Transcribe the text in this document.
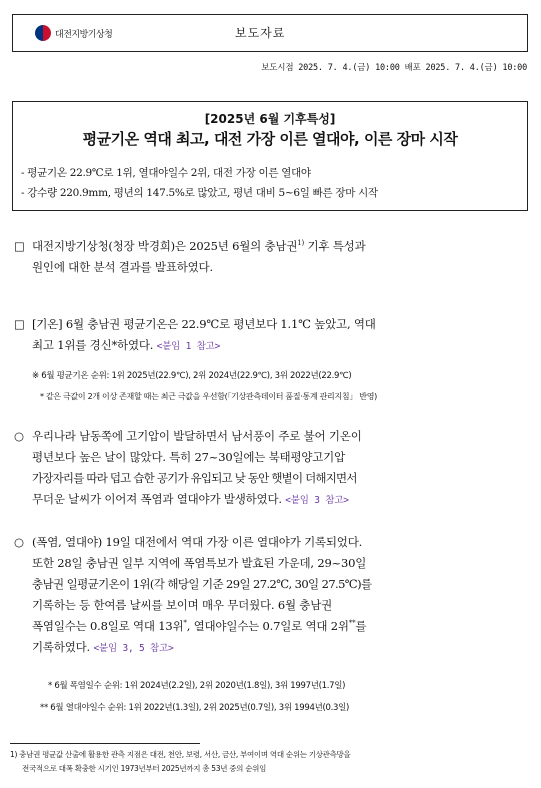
대전지방기상청	보도자료
보도시점 2025. 7. 4.(금) 10:00 배포 2025. 7. 4.(금) 10:00
[2025년 6월 기후특성]
평균기온 역대 최고, 대전 가장 이른 열대야, 이른 장마 시작
- 평균기온 22.9℃로 1위, 열대야일수 2위, 대전 가장 이른 열대야
- 강수량 220.9mm, 평년의 147.5%로 많았고, 평년 대비 5~6일 빠른 장마 시작
□ 대전지방기상청(청장 박경희)은 2025년 6월의 충남권$^{1)}$ 기후 특성과
원인에 대한 분석 결과를 발표하였다.
□ [기온] 6월 충남권 평균기온은 22.9℃로 평년보다 1.1℃ 높았고, 역대
최고 1위를 경신*하였다. <붙임 1 참고>
※ 6월 평균기온 순위: 1위 2025년(22.9℃), 2위 2024년(22.9℃), 3위 2022년(22.9℃)
* 같은 극값이 2개 이상 존재할 때는 최근 극값을 우선함(「기상관측데이터 품질·통계 관리지침」 반영)
○ 우리나라 남동쪽에 고기압이 발달하면서 남서풍이 주로 불어 기온이
평년보다 높은 날이 많았다. 특히 27~30일에는 북태평양고기압
가장자리를 따라 덥고 습한 공기가 유입되고 낮 동안 햇볕이 더해지면서
무더운 날씨가 이어져 폭염과 열대야가 발생하였다. <붙임 3 참고>
○ (폭염, 열대야) 19일 대전에서 역대 가장 이른 열대야가 기록되었다.
또한 28일 충남권 일부 지역에 폭염특보가 발효된 가운데, 29~30일
충남권 일평균기온이 1위(각 해당일 기준 29일 27.2℃, 30일 27.5℃)를
기록하는 등 한여름 날씨를 보이며 매우 무더웠다. 6월 충남권
폭염일수는 0.8일로 역대 13위*, 열대야일수는 0.7일로 역대 2위**를
기록하였다. <붙임 3, 5 참고>
* 6월 폭염일수 순위: 1위 2024년(2.2일), 2위 2020년(1.8일), 3위 1997년(1.7일)
** 6월 열대야일수 순위: 1위 2022년(1.3일), 2위 2025년(0.7일), 3위 1994년(0.3일)
1) 충남권 평균값 산출에 활용한 관측 지점은 대전, 천안, 보령, 서산, 금산, 부여이며 역대 순위는 기상관측망을
전국적으로 대폭 확충한 시기인 1973년부터 2025년까지 총 53년 중의 순위임
